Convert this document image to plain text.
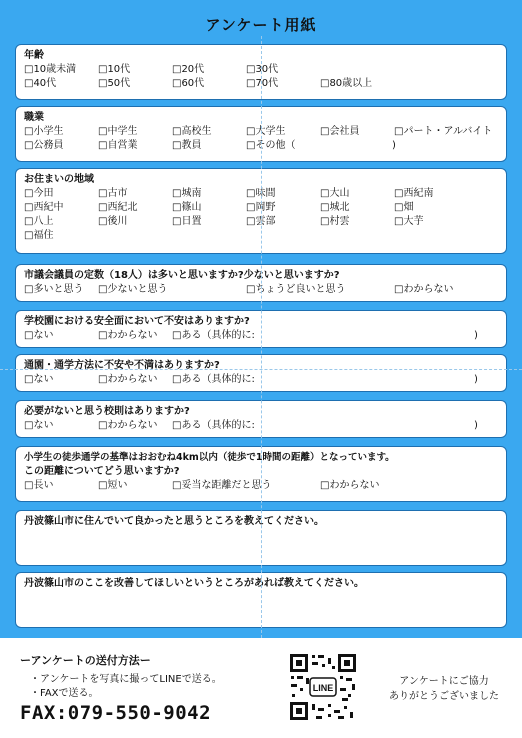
アンケート用紙
年齢
□10歳未満 □10代	□20代	□30代
□40代	□50代	□60代	□70代	□80歳以上
職業
□小学生	□中学生	□高校生	□大学生	□会社員	□パート・アルバイト
□公務員	□自営業	□教員	□その他（	)
お住まいの地域
□今田	□古市	□城南	□味間	□大山	□西紀南
□西紀中	□西紀北	□篠山	□岡野	□城北	□畑
□八上	□後川	□日置	□雲部	□村雲	□大芋
□福住
市議会議員の定数（18人）は多いと思いますか?少ないと思いますか?
□多いと思う □少ないと思う	□ちょうど良いと思う	□わからない
学校園における安全面において不安はありますか?
□ない	□わからない □ある（具体的に:	)
通園・通学方法に不安や不満はありますか?
□ない	□わからない □ある（具体的に:	)
必要がないと思う校則はありますか?
□ない	□わからない □ある（具体的に:	)
小学生の徒歩通学の基準はおおむね4km以内（徒歩で1時間の距離）となっています。
この距離についてどう思いますか?
□長い	□短い	□妥当な距離だと思う	□わからない
丹波篠山市に住んでいて良かったと思うところを教えてください。
丹波篠山市のここを改善してほしいというところがあれば教えてください。
ーアンケートの送付方法ー
・アンケートを写真に撮ってLINEで送る。
・FAXで送る。
FAX:079-550-9042
LINE
アンケートにご協力
ありがとうございました
